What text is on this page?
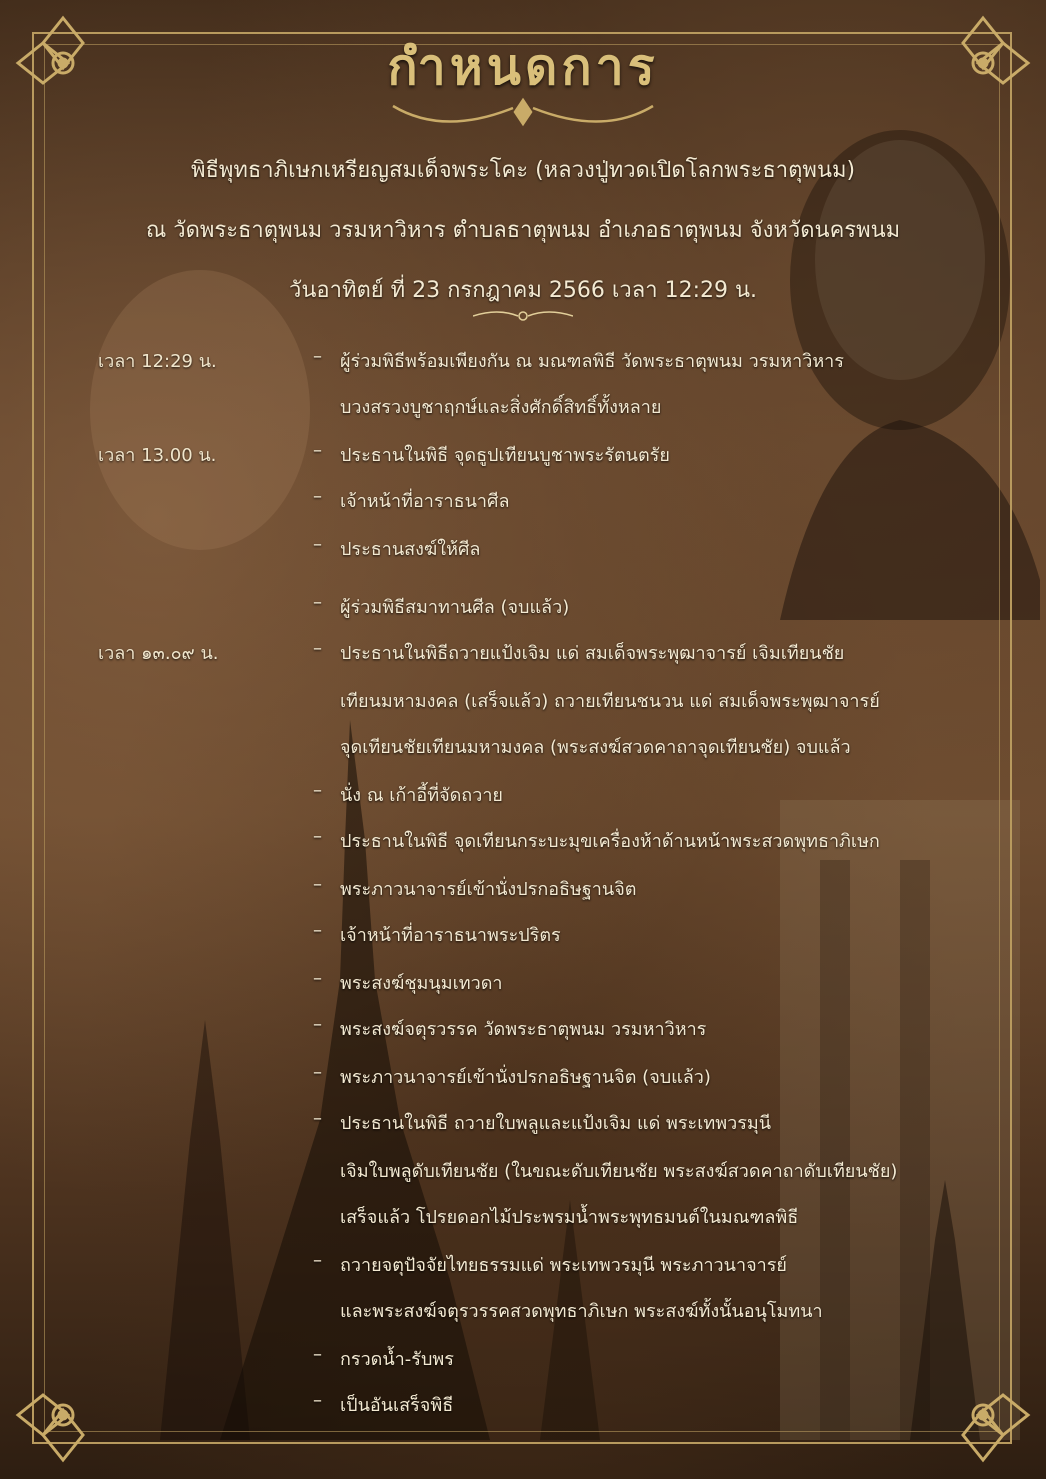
กำหนดการ
พิธีพุทธาภิเษกเหรียญสมเด็จพระโคะ (หลวงปู่ทวดเปิดโลกพระธาตุพนม)
ณ วัดพระธาตุพนม วรมหาวิหาร ตำบลธาตุพนม อำเภอธาตุพนม จังหวัดนครพนม
วันอาทิตย์ ที่ 23 กรกฎาคม 2566 เวลา 12:29 น.
เวลา 12:29 น.
เวลา 13.00 น.
เวลา ๑๓.๐๙ น.
–
–
–
–
–
–
–
–
–
–
–
–
–
–
–
–
–
ผู้ร่วมพิธีพร้อมเพียงกัน ณ มณฑลพิธี วัดพระธาตุพนม วรมหาวิหาร
บวงสรวงบูชาฤกษ์และสิ่งศักดิ์สิทธิ์ทั้งหลาย
ประธานในพิธี จุดธูปเทียนบูชาพระรัตนตรัย
เจ้าหน้าที่อาราธนาศีล
ประธานสงฆ์ให้ศีล
ผู้ร่วมพิธีสมาทานศีล (จบแล้ว)
ประธานในพิธีถวายแป้งเจิม แด่ สมเด็จพระพุฒาจารย์ เจิมเทียนชัย
เทียนมหามงคล (เสร็จแล้ว) ถวายเทียนชนวน แด่ สมเด็จพระพุฒาจารย์
จุดเทียนชัยเทียนมหามงคล (พระสงฆ์สวดคาถาจุดเทียนชัย) จบแล้ว
นั่ง ณ เก้าอี้ที่จัดถวาย
ประธานในพิธี จุดเทียนกระบะมุขเครื่องห้าด้านหน้าพระสวดพุทธาภิเษก
พระภาวนาจารย์เข้านั่งปรกอธิษฐานจิต
เจ้าหน้าที่อาราธนาพระปริตร
พระสงฆ์ชุมนุมเทวดา
พระสงฆ์จตุรวรรค วัดพระธาตุพนม วรมหาวิหาร
พระภาวนาจารย์เข้านั่งปรกอธิษฐานจิต (จบแล้ว)
ประธานในพิธี ถวายใบพลูและแป้งเจิม แด่ พระเทพวรมุนี
เจิมใบพลูดับเทียนชัย (ในขณะดับเทียนชัย พระสงฆ์สวดคาถาดับเทียนชัย)
เสร็จแล้ว โปรยดอกไม้ประพรมน้ำพระพุทธมนต์ในมณฑลพิธี
ถวายจตุปัจจัยไทยธรรมแด่ พระเทพวรมุนี พระภาวนาจารย์
และพระสงฆ์จตุรวรรคสวดพุทธาภิเษก พระสงฆ์ทั้งนั้นอนุโมทนา
กรวดน้ำ-รับพร
เป็นอันเสร็จพิธี
